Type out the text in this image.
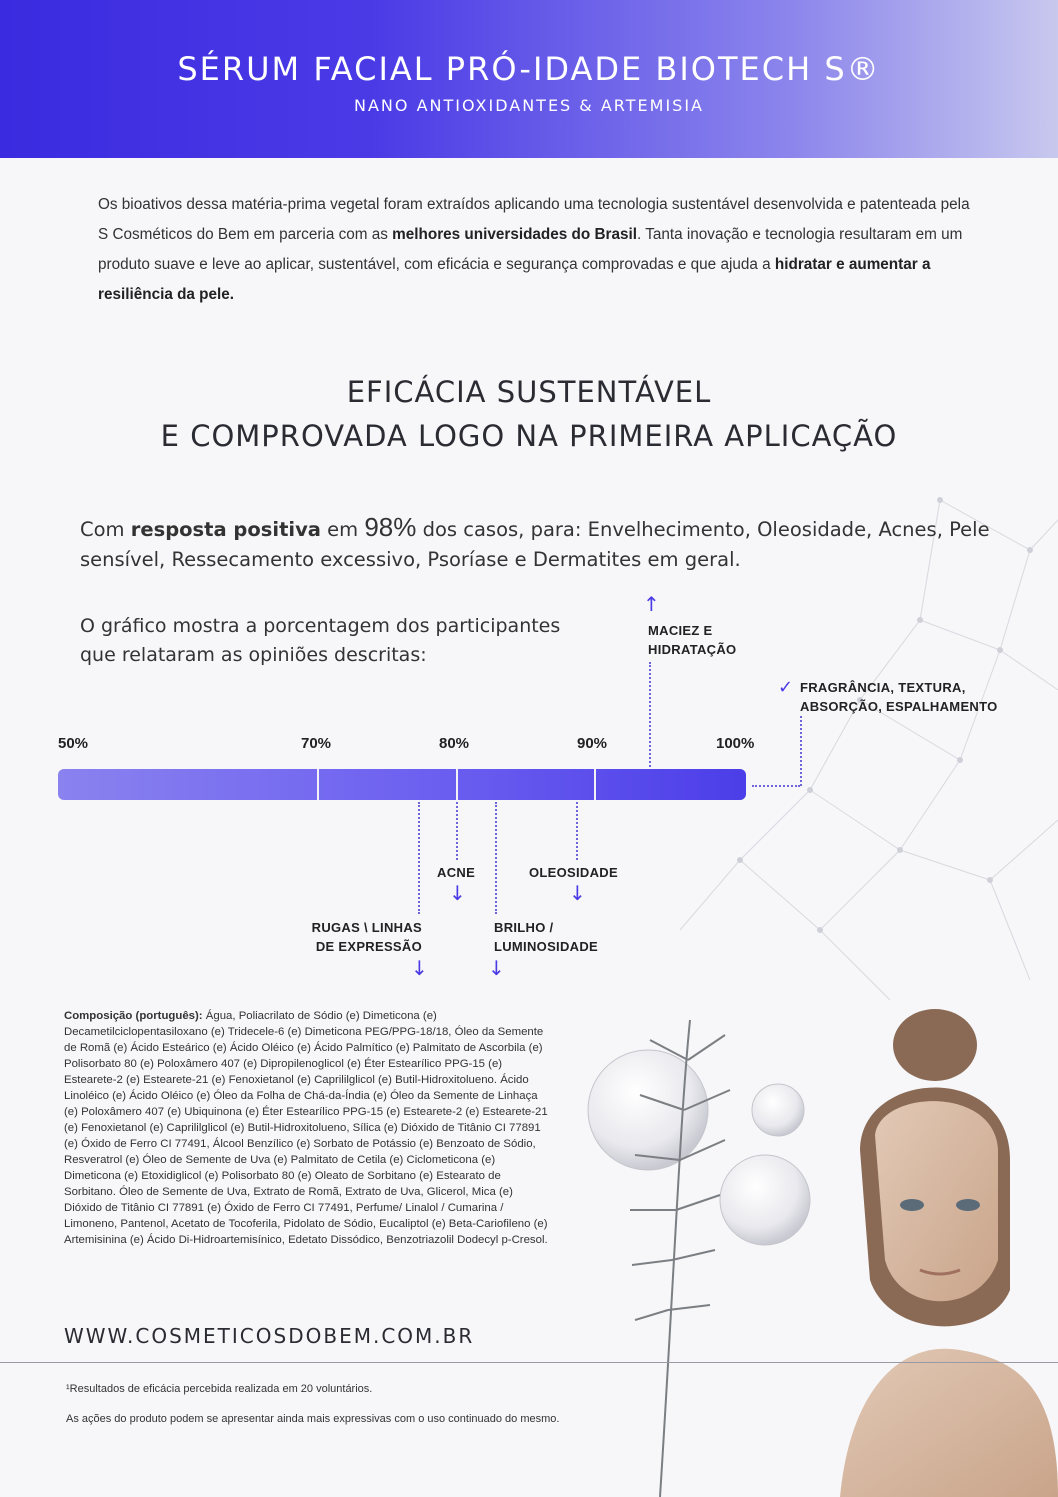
SÉRUM FACIAL PRÓ-IDADE BIOTECH S®
NANO ANTIOXIDANTES & ARTEMISIA
Os bioativos dessa matéria-prima vegetal foram extraídos aplicando uma tecnologia sustentável desenvolvida e patenteada pela S Cosméticos do Bem em parceria com as melhores universidades do Brasil. Tanta inovação e tecnologia resultaram em um produto suave e leve ao aplicar, sustentável, com eficácia e segurança comprovadas e que ajuda a hidratar e aumentar a resiliência da pele.
EFICÁCIA SUSTENTÁVEL
E COMPROVADA LOGO NA PRIMEIRA APLICAÇÃO
Com resposta positiva em 98% dos casos, para: Envelhecimento, Oleosidade, Acnes, Pele sensível, Ressecamento excessivo, Psoríase e Dermatites em geral.
O gráfico mostra a porcentagem dos participantes
que relataram as opiniões descritas:
50%	70%	80%	90%	100%
↑
MACIEZ E
HIDRATAÇÃO
✓ FRAGRÂNCIA, TEXTURA,
ABSORÇÃO, ESPALHAMENTO
ACNE
↓
OLEOSIDADE
↓
RUGAS \ LINHAS
DE EXPRESSÃO
↓
BRILHO /
LUMINOSIDADE
↓
Composição (português): Água, Poliacrilato de Sódio (e) Dimeticona (e) Decametilciclopentasiloxano (e) Tridecele-6 (e) Dimeticona PEG/PPG-18/18, Óleo da Semente de Romã (e) Ácido Esteárico (e) Ácido Oléico (e) Ácido Palmítico (e) Palmitato de Ascorbila (e) Polisorbato 80 (e) Poloxâmero 407 (e) Dipropilenoglicol (e) Éter Estearílico PPG-15 (e) Estearete-2 (e) Estearete-21 (e) Fenoxietanol (e) Caprililglicol (e) Butil-Hidroxitolueno. Ácido Linoléico (e) Ácido Oléico (e) Óleo da Folha de Chá-da-Índia (e) Óleo da Semente de Linhaça (e) Poloxâmero 407 (e) Ubiquinona (e) Éter Estearílico PPG-15 (e) Estearete-2 (e) Estearete-21 (e) Fenoxietanol (e) Caprililglicol (e) Butil-Hidroxitolueno, Sílica (e) Dióxido de Titânio CI 77891 (e) Óxido de Ferro CI 77491, Álcool Benzílico (e) Sorbato de Potássio (e) Benzoato de Sódio, Resveratrol (e) Óleo de Semente de Uva (e) Palmitato de Cetila (e) Ciclometicona (e) Dimeticona (e) Etoxidiglicol (e) Polisorbato 80 (e) Oleato de Sorbitano (e) Estearato de Sorbitano. Óleo de Semente de Uva, Extrato de Romã, Extrato de Uva, Glicerol, Mica (e) Dióxido de Titânio CI 77891 (e) Óxido de Ferro CI 77491, Perfume/ Linalol / Cumarina / Limoneno, Pantenol, Acetato de Tocoferila, Pidolato de Sódio, Eucaliptol (e) Beta-Cariofileno (e) Artemisinina (e) Ácido Di-Hidroartemisínico, Edetato Dissódico, Benzotriazolil Dodecyl p-Cresol.
WWW.COSMETICOSDOBEM.COM.BR
¹Resultados de eficácia percebida realizada em 20 voluntários.
As ações do produto podem se apresentar ainda mais expressivas com o uso continuado do mesmo.
